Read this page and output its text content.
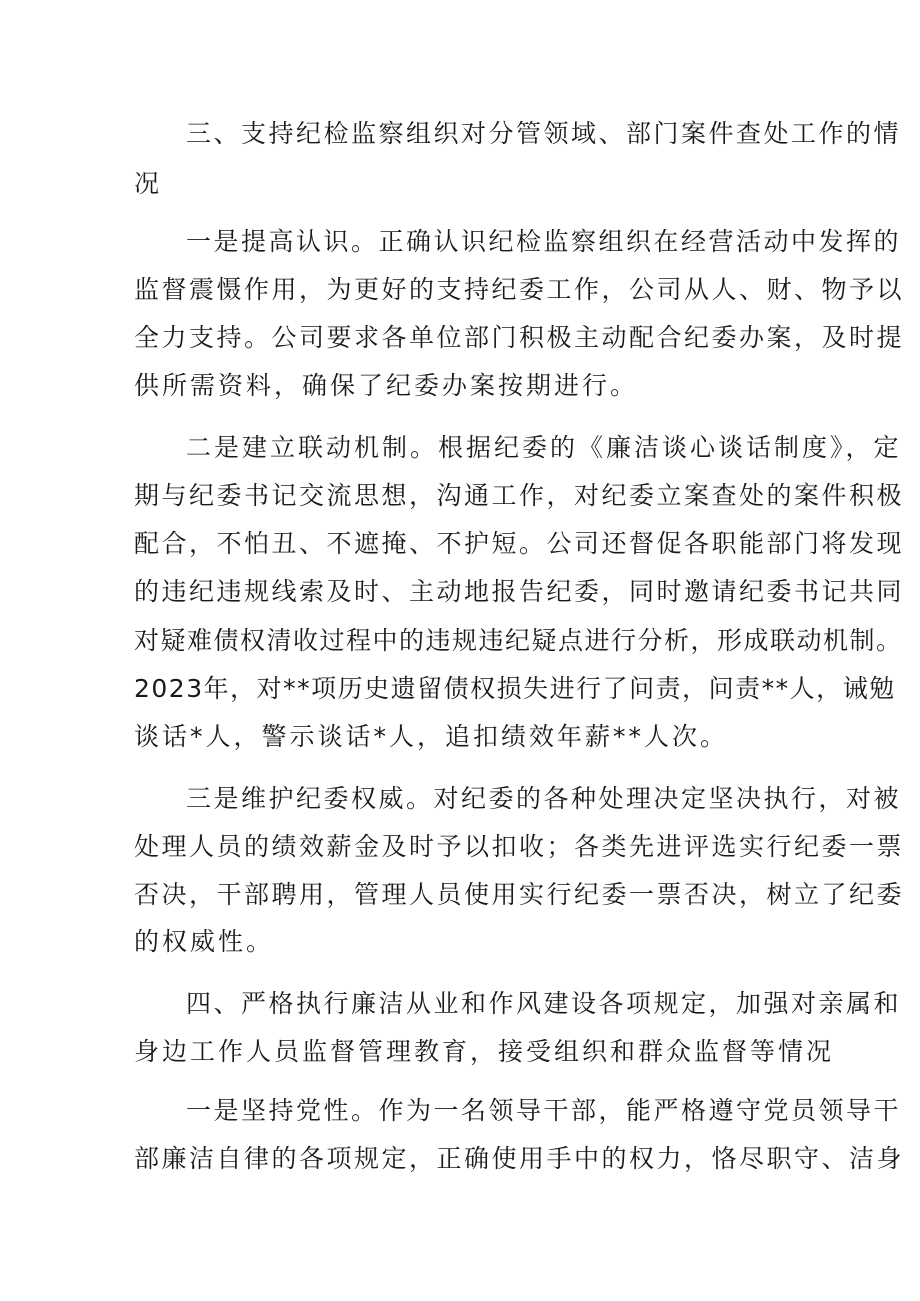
三、支持纪检监察组织对分管领域、部门案件查处工作的情
况
一是提高认识。正确认识纪检监察组织在经营活动中发挥的
监督震慑作用，为更好的支持纪委工作，公司从人、财、物予以
全力支持。公司要求各单位部门积极主动配合纪委办案，及时提
供所需资料，确保了纪委办案按期进行。
二是建立联动机制。根据纪委的《廉洁谈心谈话制度》，定
期与纪委书记交流思想，沟通工作，对纪委立案查处的案件积极
配合，不怕丑、不遮掩、不护短。公司还督促各职能部门将发现
的违纪违规线索及时、主动地报告纪委，同时邀请纪委书记共同
对疑难债权清收过程中的违规违纪疑点进行分析，形成联动机制。
2023年，对**项历史遗留债权损失进行了问责，问责**人，诫勉
谈话*人，警示谈话*人，追扣绩效年薪**人次。
三是维护纪委权威。对纪委的各种处理决定坚决执行，对被
处理人员的绩效薪金及时予以扣收；各类先进评选实行纪委一票
否决，干部聘用，管理人员使用实行纪委一票否决，树立了纪委
的权威性。
四、严格执行廉洁从业和作风建设各项规定，加强对亲属和
身边工作人员监督管理教育，接受组织和群众监督等情况
一是坚持党性。作为一名领导干部，能严格遵守党员领导干
部廉洁自律的各项规定，正确使用手中的权力，恪尽职守、洁身
